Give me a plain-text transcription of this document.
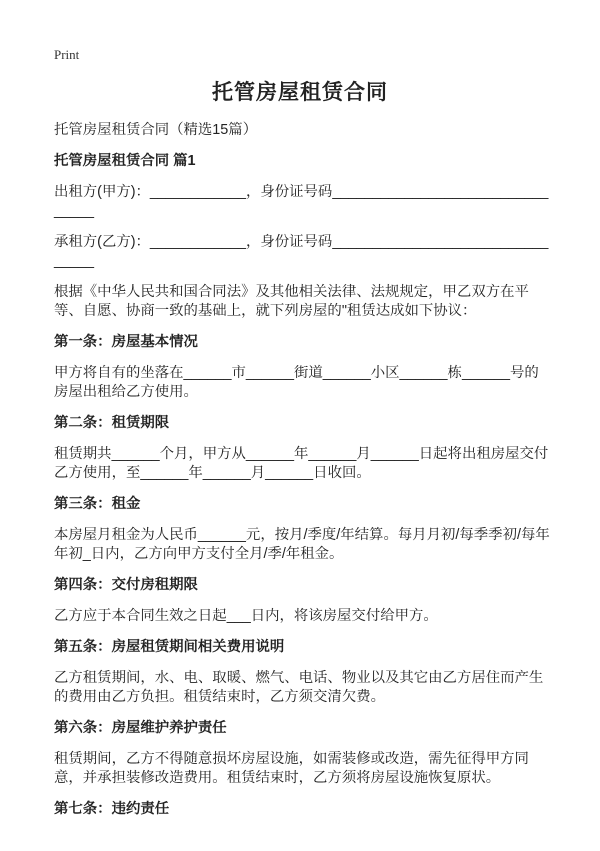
Print
托管房屋租赁合同
托管房屋租赁合同（精选15篇）
托管房屋租赁合同 篇1
出租方(甲方)：____________，身份证号码________________________________
承租方(乙方)：____________，身份证号码________________________________
根据《中华人民共和国合同法》及其他相关法律、法规规定，甲乙双方在平等、自愿、协商一致的基础上，就下列房屋的"租赁达成如下协议：
第一条：房屋基本情况
甲方将自有的坐落在______市______街道______小区______栋______号的房屋出租给乙方使用。
第二条：租赁期限
租赁期共______个月，甲方从______年______月______日起将出租房屋交付乙方使用，至______年______月______日收回。
第三条：租金
本房屋月租金为人民币______元，按月/季度/年结算。每月月初/每季季初/每年年初_日内，乙方向甲方支付全月/季/年租金。
第四条：交付房租期限
乙方应于本合同生效之日起___日内，将该房屋交付给甲方。
第五条：房屋租赁期间相关费用说明
乙方租赁期间，水、电、取暖、燃气、电话、物业以及其它由乙方居住而产生的费用由乙方负担。租赁结束时，乙方须交清欠费。
第六条：房屋维护养护责任
租赁期间，乙方不得随意损坏房屋设施，如需装修或改造，需先征得甲方同意，并承担装修改造费用。租赁结束时，乙方须将房屋设施恢复原状。
第七条：违约责任
